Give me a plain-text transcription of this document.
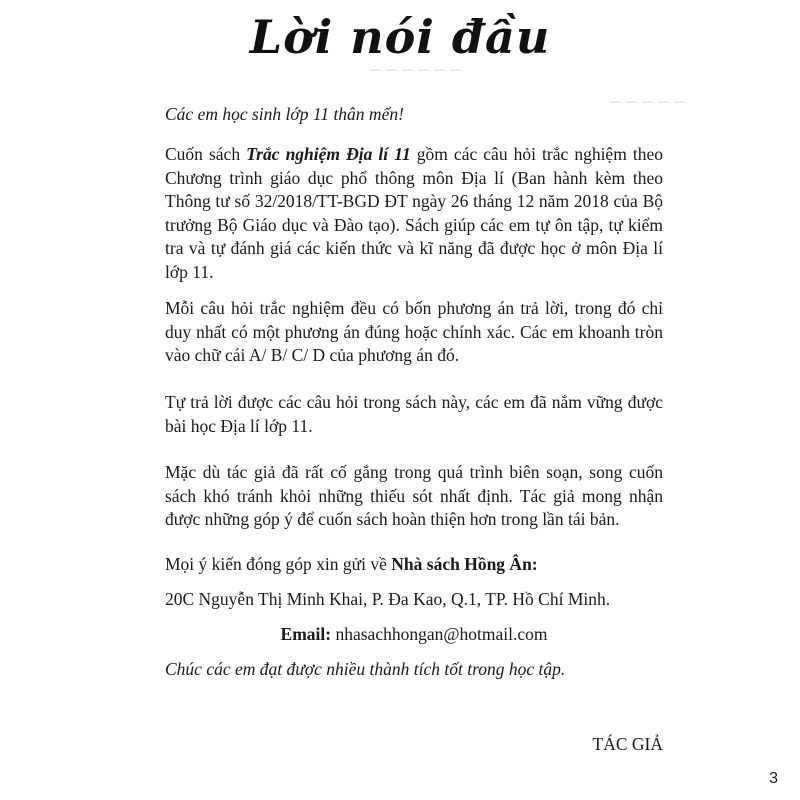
— — — — — —
— — — — —
Lời nói đầu

Các em học sinh lớp 11 thân mến!

Cuốn sách Trắc nghiệm Địa lí 11 gồm các câu hỏi trắc nghiệm theo Chương trình giáo dục phổ thông môn Địa lí (Ban hành kèm theo Thông tư số 32/2018/TT-BGD ĐT ngày 26 tháng 12 năm 2018 của Bộ trưởng Bộ Giáo dục và Đào tạo). Sách giúp các em tự ôn tập, tự kiểm tra và tự đánh giá các kiến thức và kĩ năng đã được học ở môn Địa lí lớp 11.

Mỗi câu hỏi trắc nghiệm đều có bốn phương án trả lời, trong đó chỉ duy nhất có một phương án đúng hoặc chính xác. Các em khoanh tròn vào chữ cái A/ B/ C/ D của phương án đó.

Tự trả lời được các câu hỏi trong sách này, các em đã nắm vững được bài học Địa lí lớp 11.

Mặc dù tác giả đã rất cố gắng trong quá trình biên soạn, song cuốn sách khó tránh khỏi những thiếu sót nhất định. Tác giả mong nhận được những góp ý để cuốn sách hoàn thiện hơn trong lần tái bản.

Mọi ý kiến đóng góp xin gửi về Nhà sách Hồng Ân:
20C Nguyễn Thị Minh Khai, P. Đa Kao, Q.1, TP. Hồ Chí Minh.
Email: nhasachhongan@hotmail.com
Chúc các em đạt được nhiều thành tích tốt trong học tập.
TÁC GIẢ
3
